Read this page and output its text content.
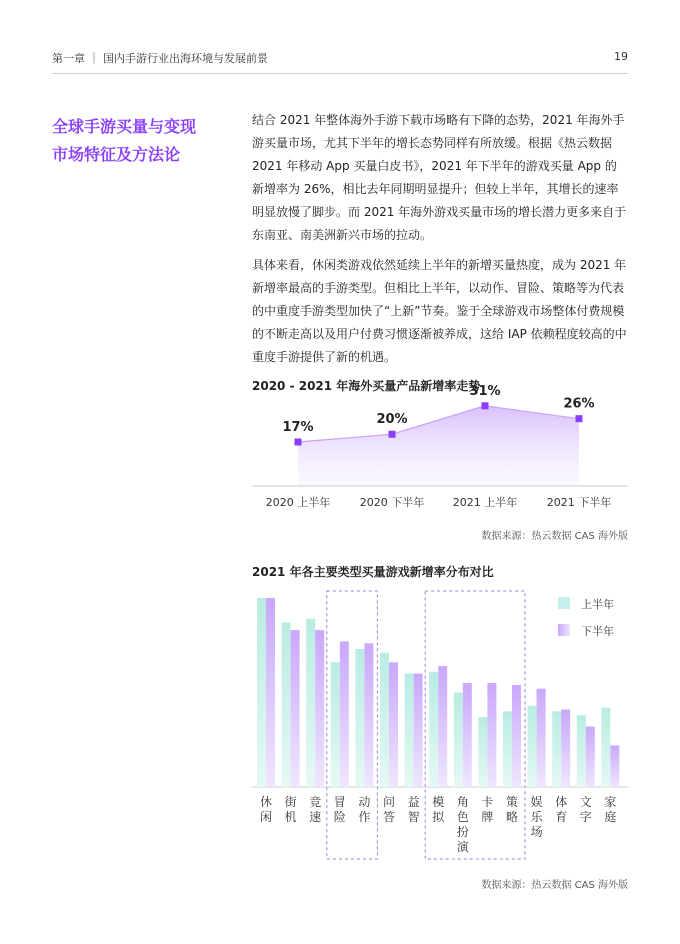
第一章 ｜ 国内手游行业出海环境与发展前景	19
全球手游买量与变现
市场特征及方法论

结合 2021 年整体海外手游下载市场略有下降的态势，2021 年海外手游买量市场，尤其下半年的增长态势同样有所放缓。根据《热云数据 2021 年移动 App 买量白皮书》，2021 年下半年的游戏买量 App 的新增率为 26%，相比去年同期明显提升；但较上半年，其增长的速率明显放慢了脚步。而 2021 年海外游戏买量市场的增长潜力更多来自于东南亚、南美洲新兴市场的拉动。

具体来看，休闲类游戏依然延续上半年的新增买量热度，成为 2021 年新增率最高的手游类型。但相比上半年，以动作、冒险、策略等为代表的中重度手游类型加快了“上新”节奏。鉴于全球游戏市场整体付费规模的不断走高以及用户付费习惯逐渐被养成，这给 IAP 依赖程度较高的中重度手游提供了新的机遇。

2020 - 2021 年海外买量产品新增率走势
17%
2020 上半年
20%
2020 下半年
31%
2021 上半年
26%
2021 下半年
数据来源：热云数据 CAS 海外版
2021 年各主要类型买量游戏新增率分布对比
休闲
街机
竞速
冒险
动作
问答
益智
模拟
角色扮演
卡牌
策略
娱乐场
体育
文字
家庭
上半年
下半年
数据来源：热云数据 CAS 海外版
